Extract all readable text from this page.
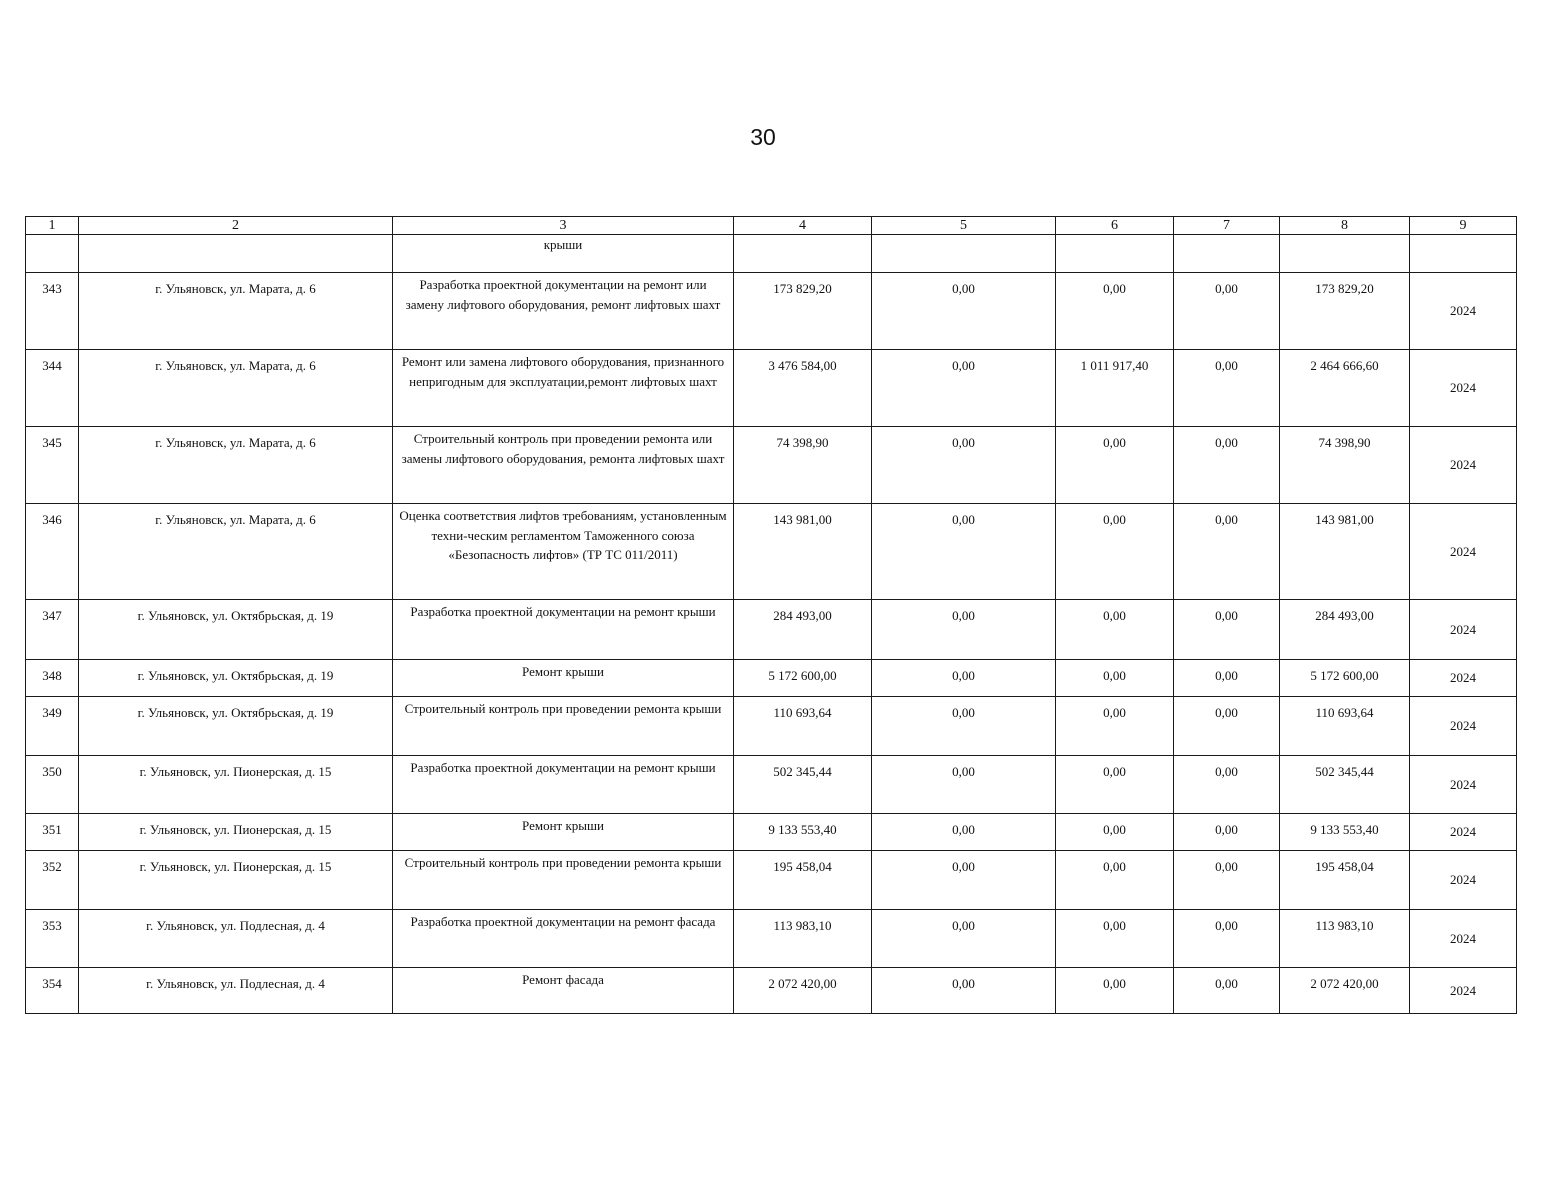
30
1	2	3	4	5	6	7	8	9
		крыши						
343	г. Ульяновск, ул. Марата, д. 6	Разработка проектной документации на ремонт или замену лифтового оборудования, ремонт лифтовых шахт	173 829,20	0,00	0,00	0,00	173 829,20	2024
344	г. Ульяновск, ул. Марата, д. 6	Ремонт или замена лифтового оборудования, признанного непригодным для эксплуатации,ремонт лифтовых шахт	3 476 584,00	0,00	1 011 917,40	0,00	2 464 666,60	2024
345	г. Ульяновск, ул. Марата, д. 6	Строительный контроль при проведении ремонта или замены лифтового оборудования, ремонта лифтовых шахт	74 398,90	0,00	0,00	0,00	74 398,90	2024
346	г. Ульяновск, ул. Марата, д. 6	Оценка соответствия лифтов требованиям, установленным техни-ческим регламентом Таможенного союза «Безопасность лифтов» (ТР ТС 011/2011)	143 981,00	0,00	0,00	0,00	143 981,00	2024
347	г. Ульяновск, ул. Октябрьская, д. 19	Разработка проектной документации на ремонт крыши	284 493,00	0,00	0,00	0,00	284 493,00	2024
348	г. Ульяновск, ул. Октябрьская, д. 19	Ремонт крыши	5 172 600,00	0,00	0,00	0,00	5 172 600,00	2024
349	г. Ульяновск, ул. Октябрьская, д. 19	Строительный контроль при проведении ремонта крыши	110 693,64	0,00	0,00	0,00	110 693,64	2024
350	г. Ульяновск, ул. Пионерская, д. 15	Разработка проектной документации на ремонт крыши	502 345,44	0,00	0,00	0,00	502 345,44	2024
351	г. Ульяновск, ул. Пионерская, д. 15	Ремонт крыши	9 133 553,40	0,00	0,00	0,00	9 133 553,40	2024
352	г. Ульяновск, ул. Пионерская, д. 15	Строительный контроль при проведении ремонта крыши	195 458,04	0,00	0,00	0,00	195 458,04	2024
353	г. Ульяновск, ул. Подлесная, д. 4	Разработка проектной документации на ремонт фасада	113 983,10	0,00	0,00	0,00	113 983,10	2024
354	г. Ульяновск, ул. Подлесная, д. 4	Ремонт фасада	2 072 420,00	0,00	0,00	0,00	2 072 420,00	2024
